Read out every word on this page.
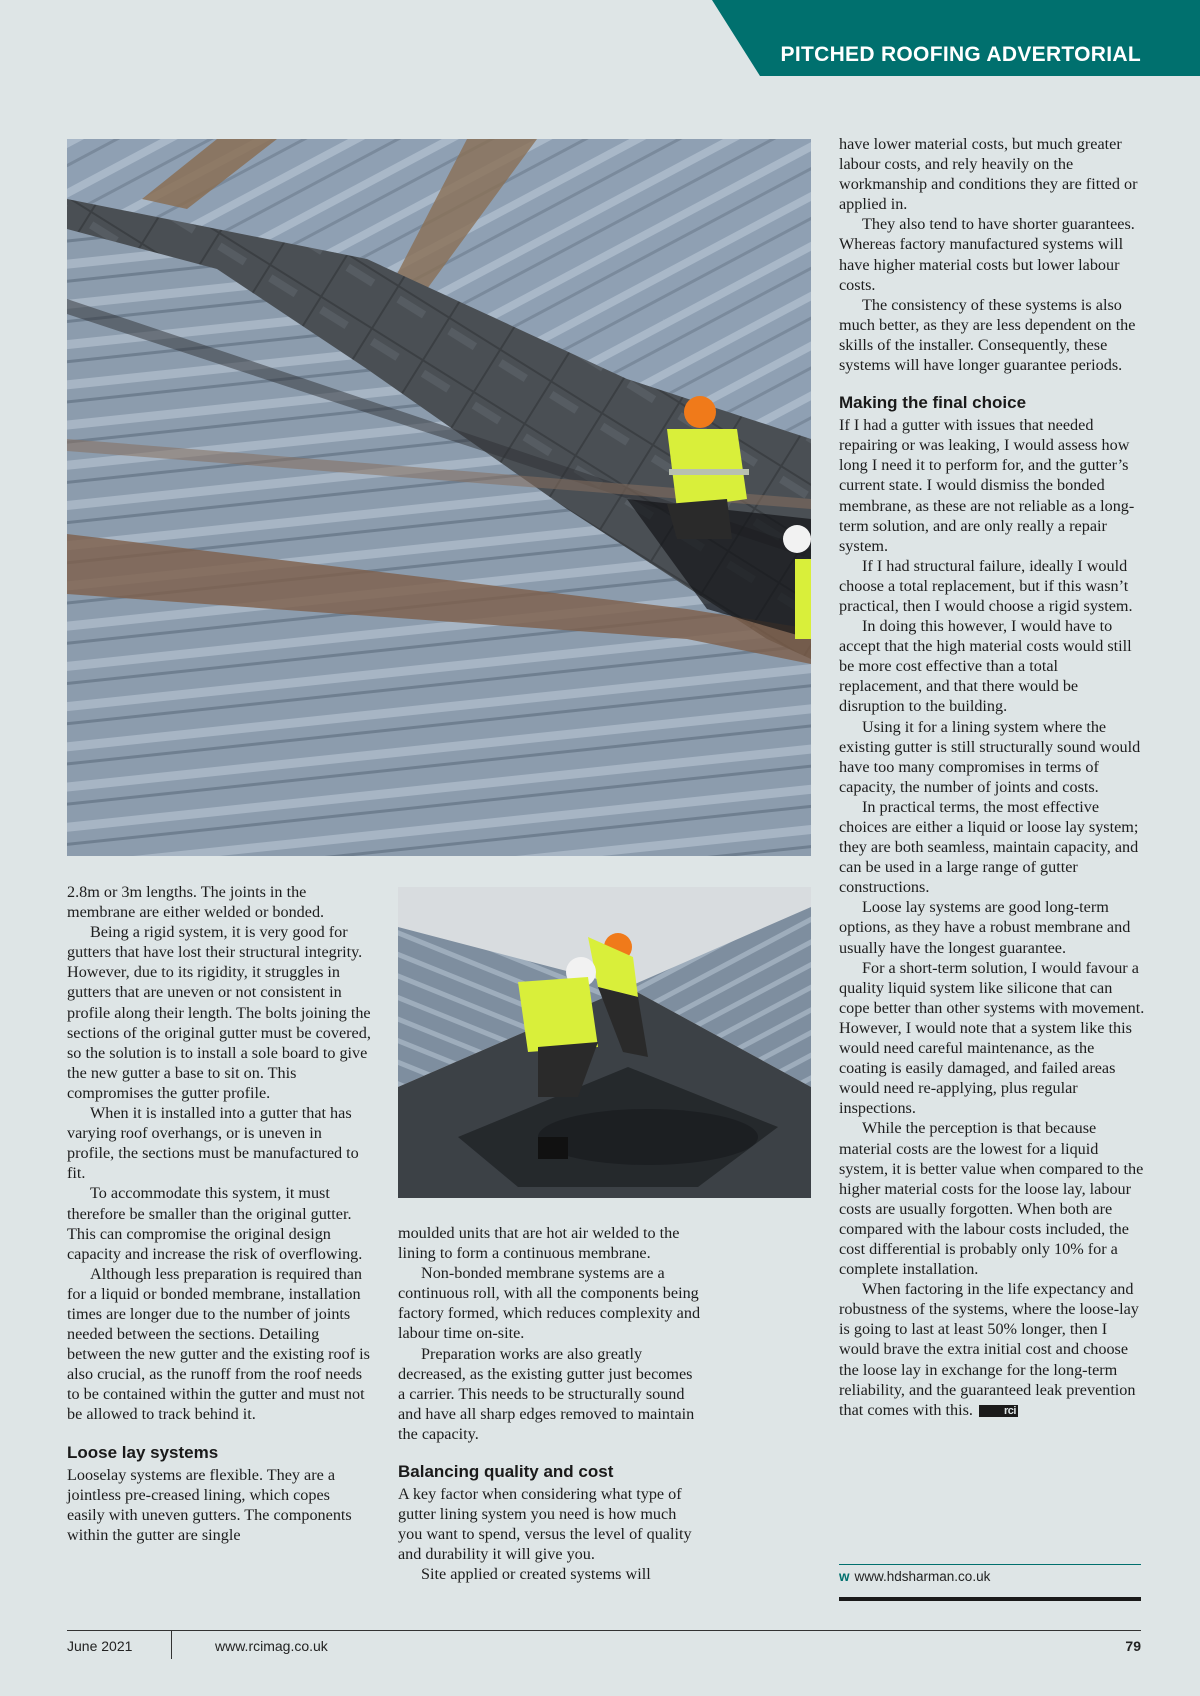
PITCHED ROOFING ADVERTORIAL

2.8m or 3m lengths. The joints in the membrane are either welded or bonded.

Being a rigid system, it is very good for gutters that have lost their structural integrity. However, due to its rigidity, it struggles in gutters that are uneven or not consistent in profile along their length. The bolts joining the sections of the original gutter must be covered, so the solution is to install a sole board to give the new gutter a base to sit on. This compromises the gutter profile.

When it is installed into a gutter that has varying roof overhangs, or is uneven in profile, the sections must be manufactured to fit.

To accommodate this system, it must therefore be smaller than the original gutter. This can compromise the original design capacity and increase the risk of overflowing.

Although less preparation is required than for a liquid or bonded membrane, installation times are longer due to the number of joints needed between the sections. Detailing between the new gutter and the existing roof is also crucial, as the runoff from the roof needs to be contained within the gutter and must not be allowed to track behind it.

Loose lay systems

Looselay systems are flexible. They are a jointless pre-creased lining, which copes easily with uneven gutters. The components within the gutter are single

moulded units that are hot air welded to the lining to form a continuous membrane.

Non-bonded membrane systems are a continuous roll, with all the components being factory formed, which reduces complexity and labour time on-site.

Preparation works are also greatly decreased, as the existing gutter just becomes a carrier. This needs to be structurally sound and have all sharp edges removed to maintain the capacity.

Balancing quality and cost

A key factor when considering what type of gutter lining system you need is how much you want to spend, versus the level of quality and durability it will give you.

Site applied or created systems will

have lower material costs, but much greater labour costs, and rely heavily on the workmanship and conditions they are fitted or applied in.

They also tend to have shorter guarantees. Whereas factory manufactured systems will have higher material costs but lower labour costs.

The consistency of these systems is also much better, as they are less dependent on the skills of the installer. Consequently, these systems will have longer guarantee periods.

Making the final choice

If I had a gutter with issues that needed repairing or was leaking, I would assess how long I need it to perform for, and the gutter’s current state. I would dismiss the bonded membrane, as these are not reliable as a long-term solution, and are only really a repair system.

If I had structural failure, ideally I would choose a total replacement, but if this wasn’t practical, then I would choose a rigid system.

In doing this however, I would have to accept that the high material costs would still be more cost effective than a total replacement, and that there would be disruption to the building.

Using it for a lining system where the existing gutter is still structurally sound would have too many compromises in terms of capacity, the number of joints and costs.

In practical terms, the most effective choices are either a liquid or loose lay system; they are both seamless, maintain capacity, and can be used in a large range of gutter constructions.

Loose lay systems are good long-term options, as they have a robust membrane and usually have the longest guarantee.

For a short-term solution, I would favour a quality liquid system like silicone that can cope better than other systems with movement. However, I would note that a system like this would need careful maintenance, as the coating is easily damaged, and failed areas would need re-applying, plus regular inspections.

While the perception is that because material costs are the lowest for a liquid system, it is better value when compared to the higher material costs for the loose lay, labour costs are usually forgotten. When both are compared with the labour costs included, the cost differential is probably only 10% for a complete installation.

When factoring in the life expectancy and robustness of the systems, where the loose-lay is going to last at least 50% longer, then I would brave the extra initial cost and choose the loose lay in exchange for the long-term reliability, and the guaranteed leak prevention that comes with this.	rci

w www.hdsharman.co.uk
June 2021	www.rcimag.co.uk	79
